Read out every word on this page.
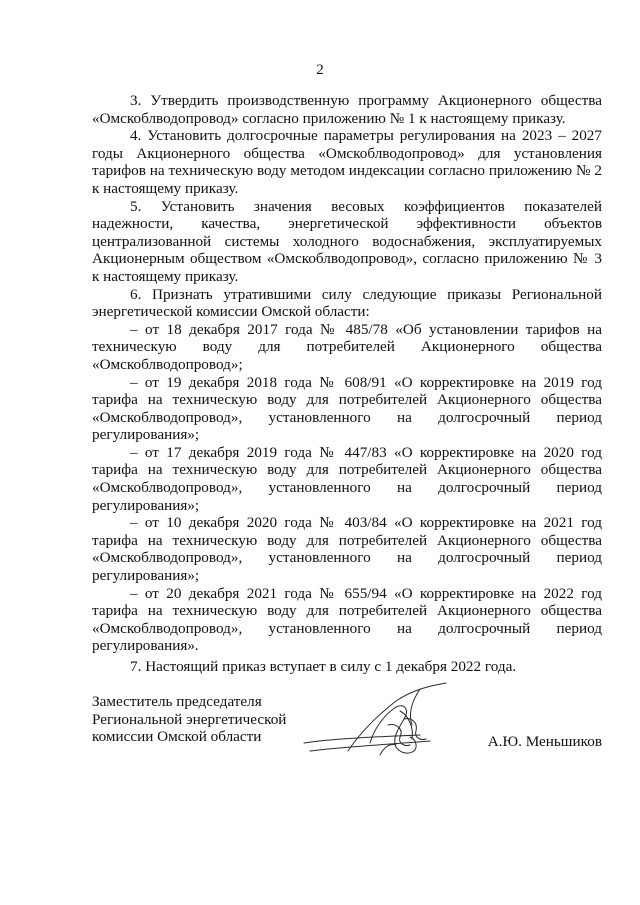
2

3. Утвердить производственную программу Акционерного общества «Омскоблводопровод» согласно приложению № 1 к настоящему приказу.

4. Установить долгосрочные параметры регулирования на 2023 – 2027 годы Акционерного общества «Омскоблводопровод» для установления тарифов на техническую воду методом индексации согласно приложению № 2 к настоящему приказу.

5. Установить значения весовых коэффициентов показателей надежности, качества, энергетической эффективности объектов централизованной системы холодного водоснабжения, эксплуатируемых Акционерным обществом «Омскоблводопровод», согласно приложению № 3 к настоящему приказу.

6. Признать утратившими силу следующие приказы Региональной энергетической комиссии Омской области:

– от 18 декабря 2017 года № 485/78 «Об установлении тарифов на техническую воду для потребителей Акционерного общества «Омскоблводопровод»;

– от 19 декабря 2018 года № 608/91 «О корректировке на 2019 год тарифа на техническую воду для потребителей Акционерного общества «Омскоблводопровод», установленного на долгосрочный период регулирования»;

– от 17 декабря 2019 года № 447/83 «О корректировке на 2020 год тарифа на техническую воду для потребителей Акционерного общества «Омскоблводопровод», установленного на долгосрочный период регулирования»;

– от 10 декабря 2020 года № 403/84 «О корректировке на 2021 год тарифа на техническую воду для потребителей Акционерного общества «Омскоблводопровод», установленного на долгосрочный период регулирования»;

– от 20 декабря 2021 года № 655/94 «О корректировке на 2022 год тарифа на техническую воду для потребителей Акционерного общества «Омскоблводопровод», установленного на долгосрочный период регулирования».

7. Настоящий приказ вступает в силу с 1 декабря 2022 года.

Заместитель председателя
Региональной энергетической
комиссии Омской области	А.Ю. Меньшиков
